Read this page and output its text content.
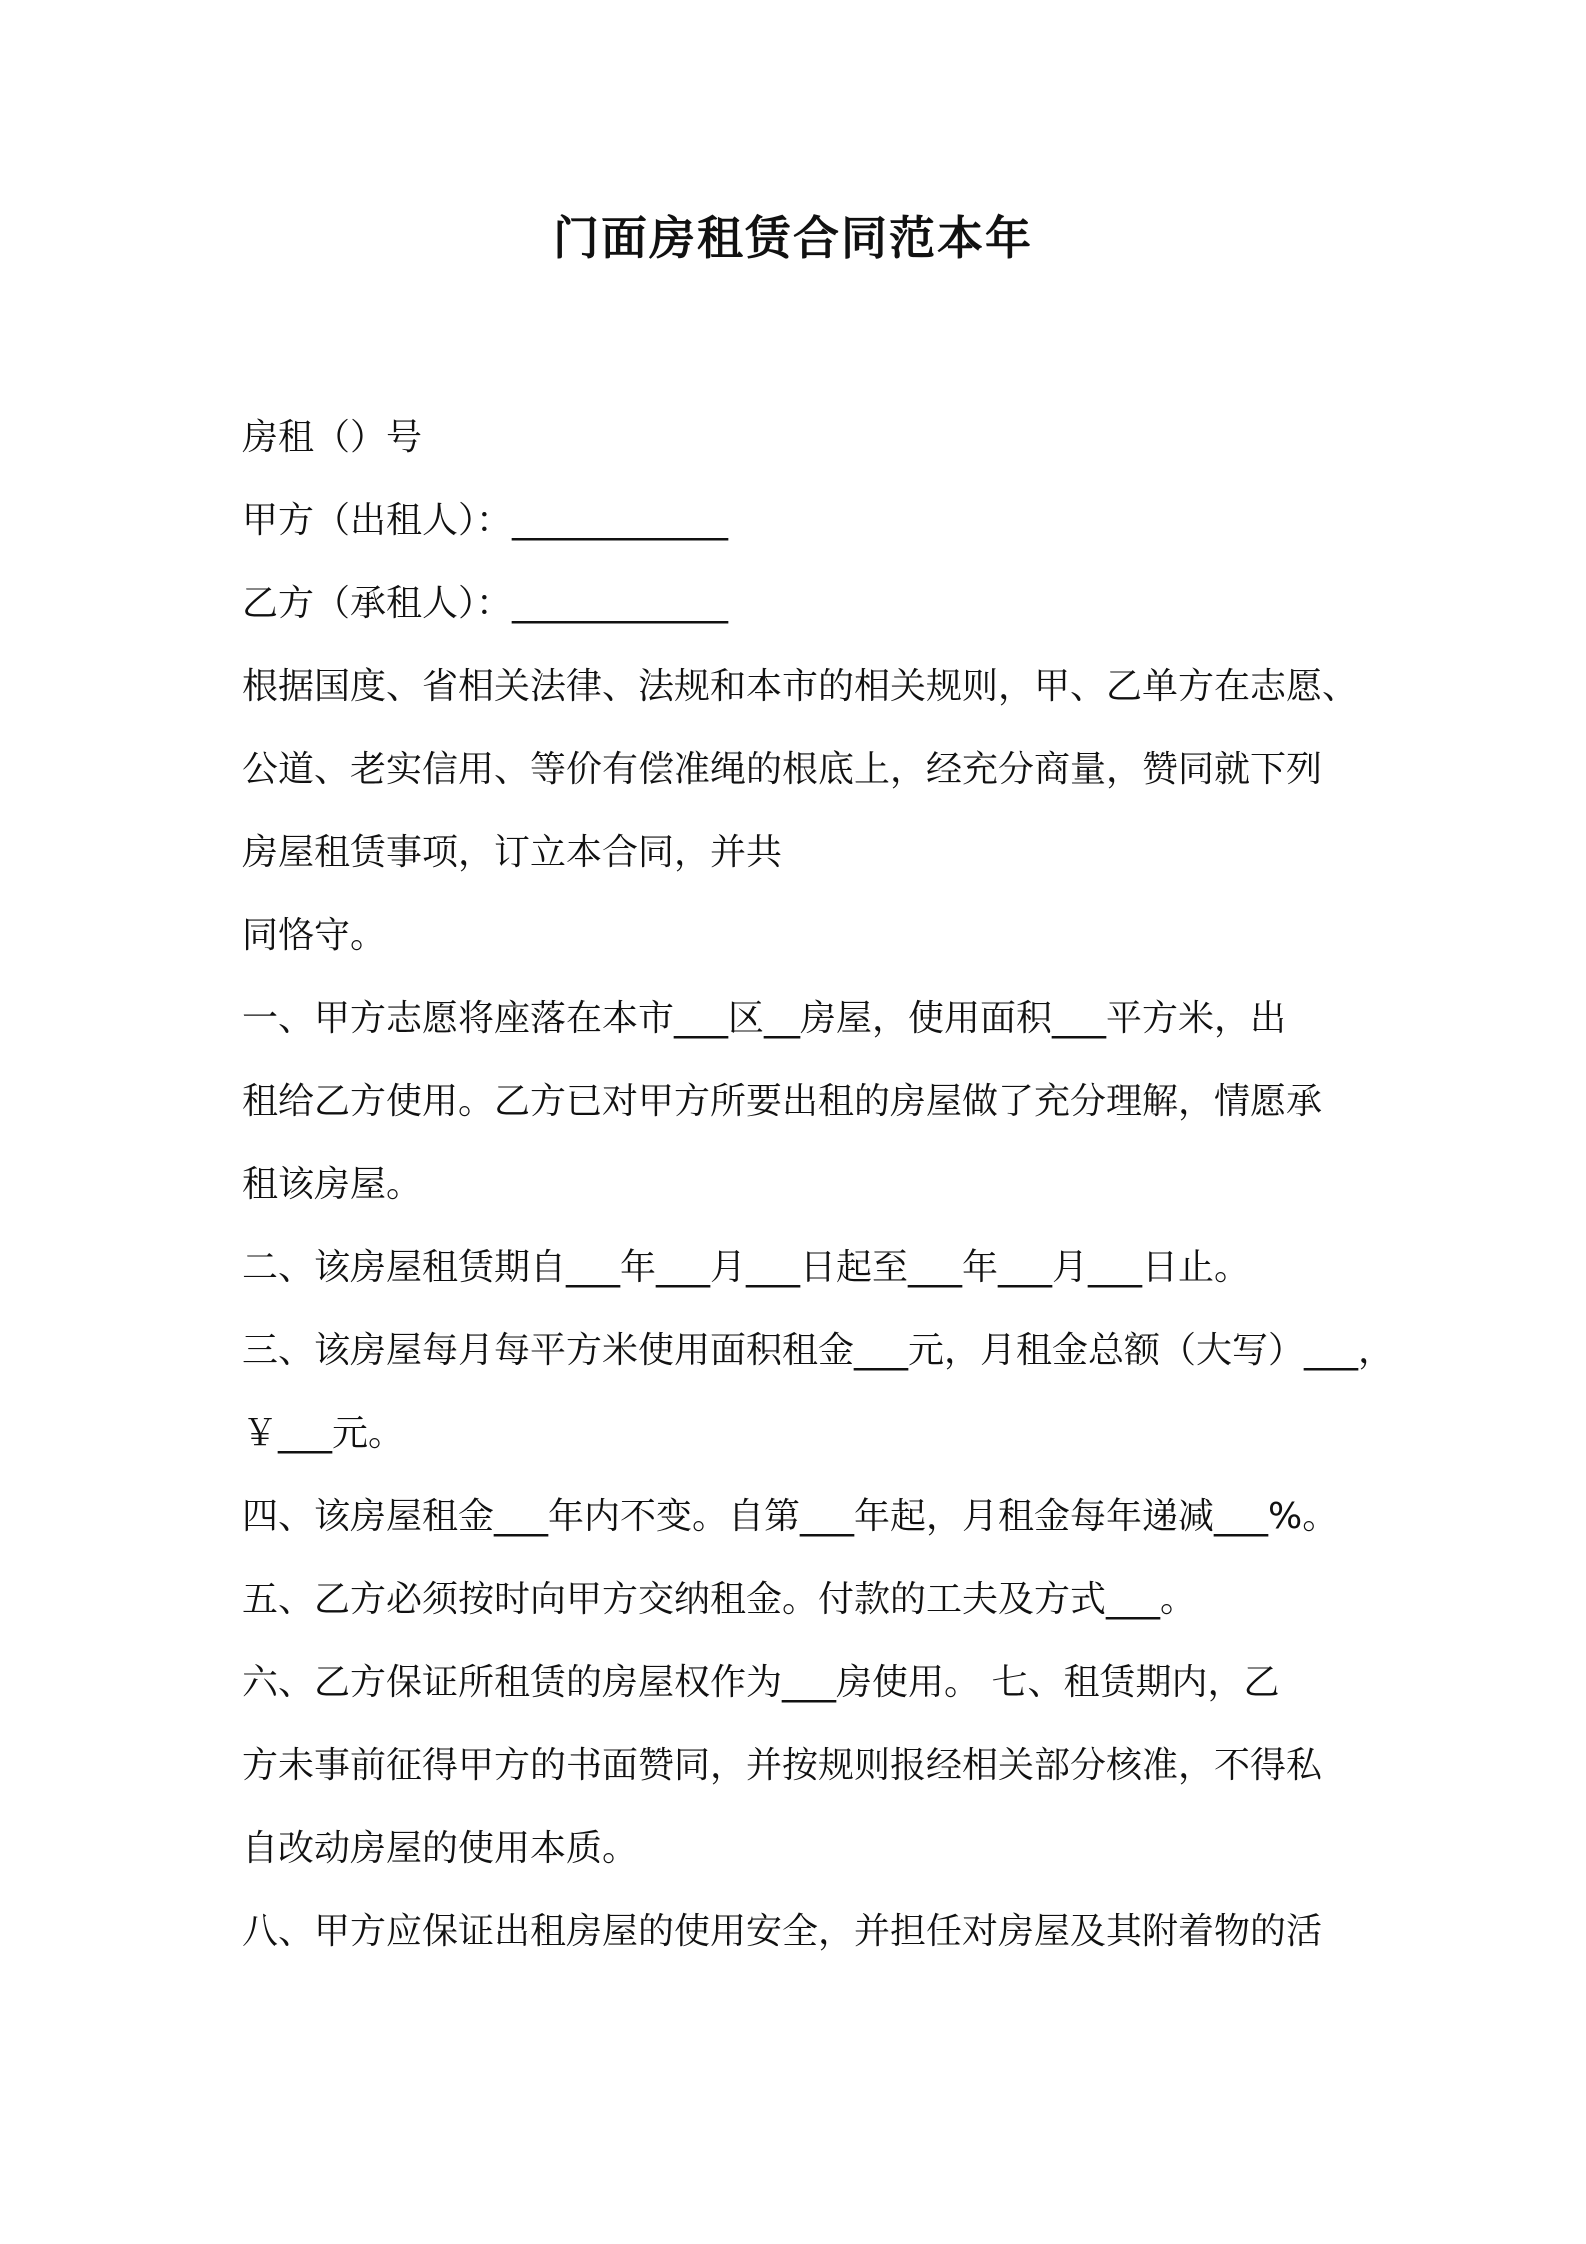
门面房租赁合同范本年
房租（）号
甲方（出租人）：____________
乙方（承租人）：____________
根据国度、省相关法律、法规和本市的相关规则，甲、乙单方在志愿、
公道、老实信用、等价有偿准绳的根底上，经充分商量，赞同就下列
房屋租赁事项，订立本合同，并共
同恪守。
一、甲方志愿将座落在本市___区__房屋，使用面积___平方米，出
租给乙方使用。乙方已对甲方所要出租的房屋做了充分理解，情愿承
租该房屋。
二、该房屋租赁期自___年___月___日起至___年___月___日止。
三、该房屋每月每平方米使用面积租金___元，月租金总额（大写）___，
￥___元。
四、该房屋租金___年内不变。自第___年起，月租金每年递减___%。
五、乙方必须按时向甲方交纳租金。付款的工夫及方式___。
六、乙方保证所租赁的房屋权作为___房使用。 七、租赁期内，乙
方未事前征得甲方的书面赞同，并按规则报经相关部分核准，不得私
自改动房屋的使用本质。
八、甲方应保证出租房屋的使用安全，并担任对房屋及其附着物的活
